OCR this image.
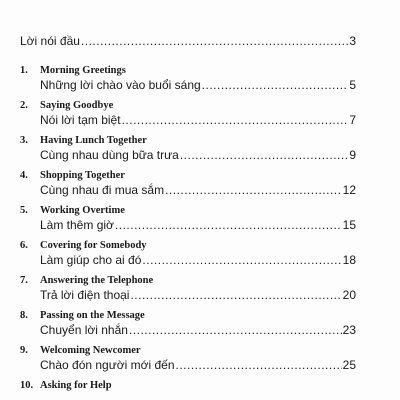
Lời nói đầu .....	3
1. Morning Greetings
Những lời chào vào buổi sáng .....	5
2. Saying Goodbye
Nói lời tạm biệt .....	7
3. Having Lunch Together
Cùng nhau dùng bữa trưa .....	9
4. Shopping Together
Cùng nhau đi mua sắm .....	12
5. Working Overtime
Làm thêm giờ .....	15
6. Covering for Somebody
Làm giúp cho ai đó .....	18
7. Answering the Telephone
Trả lời điện thoại .....	20
8. Passing on the Message
Chuyển lời nhắn .....	23
9. Welcoming Newcomer
Chào đón người mới đến .....	25
10. Asking for Help
